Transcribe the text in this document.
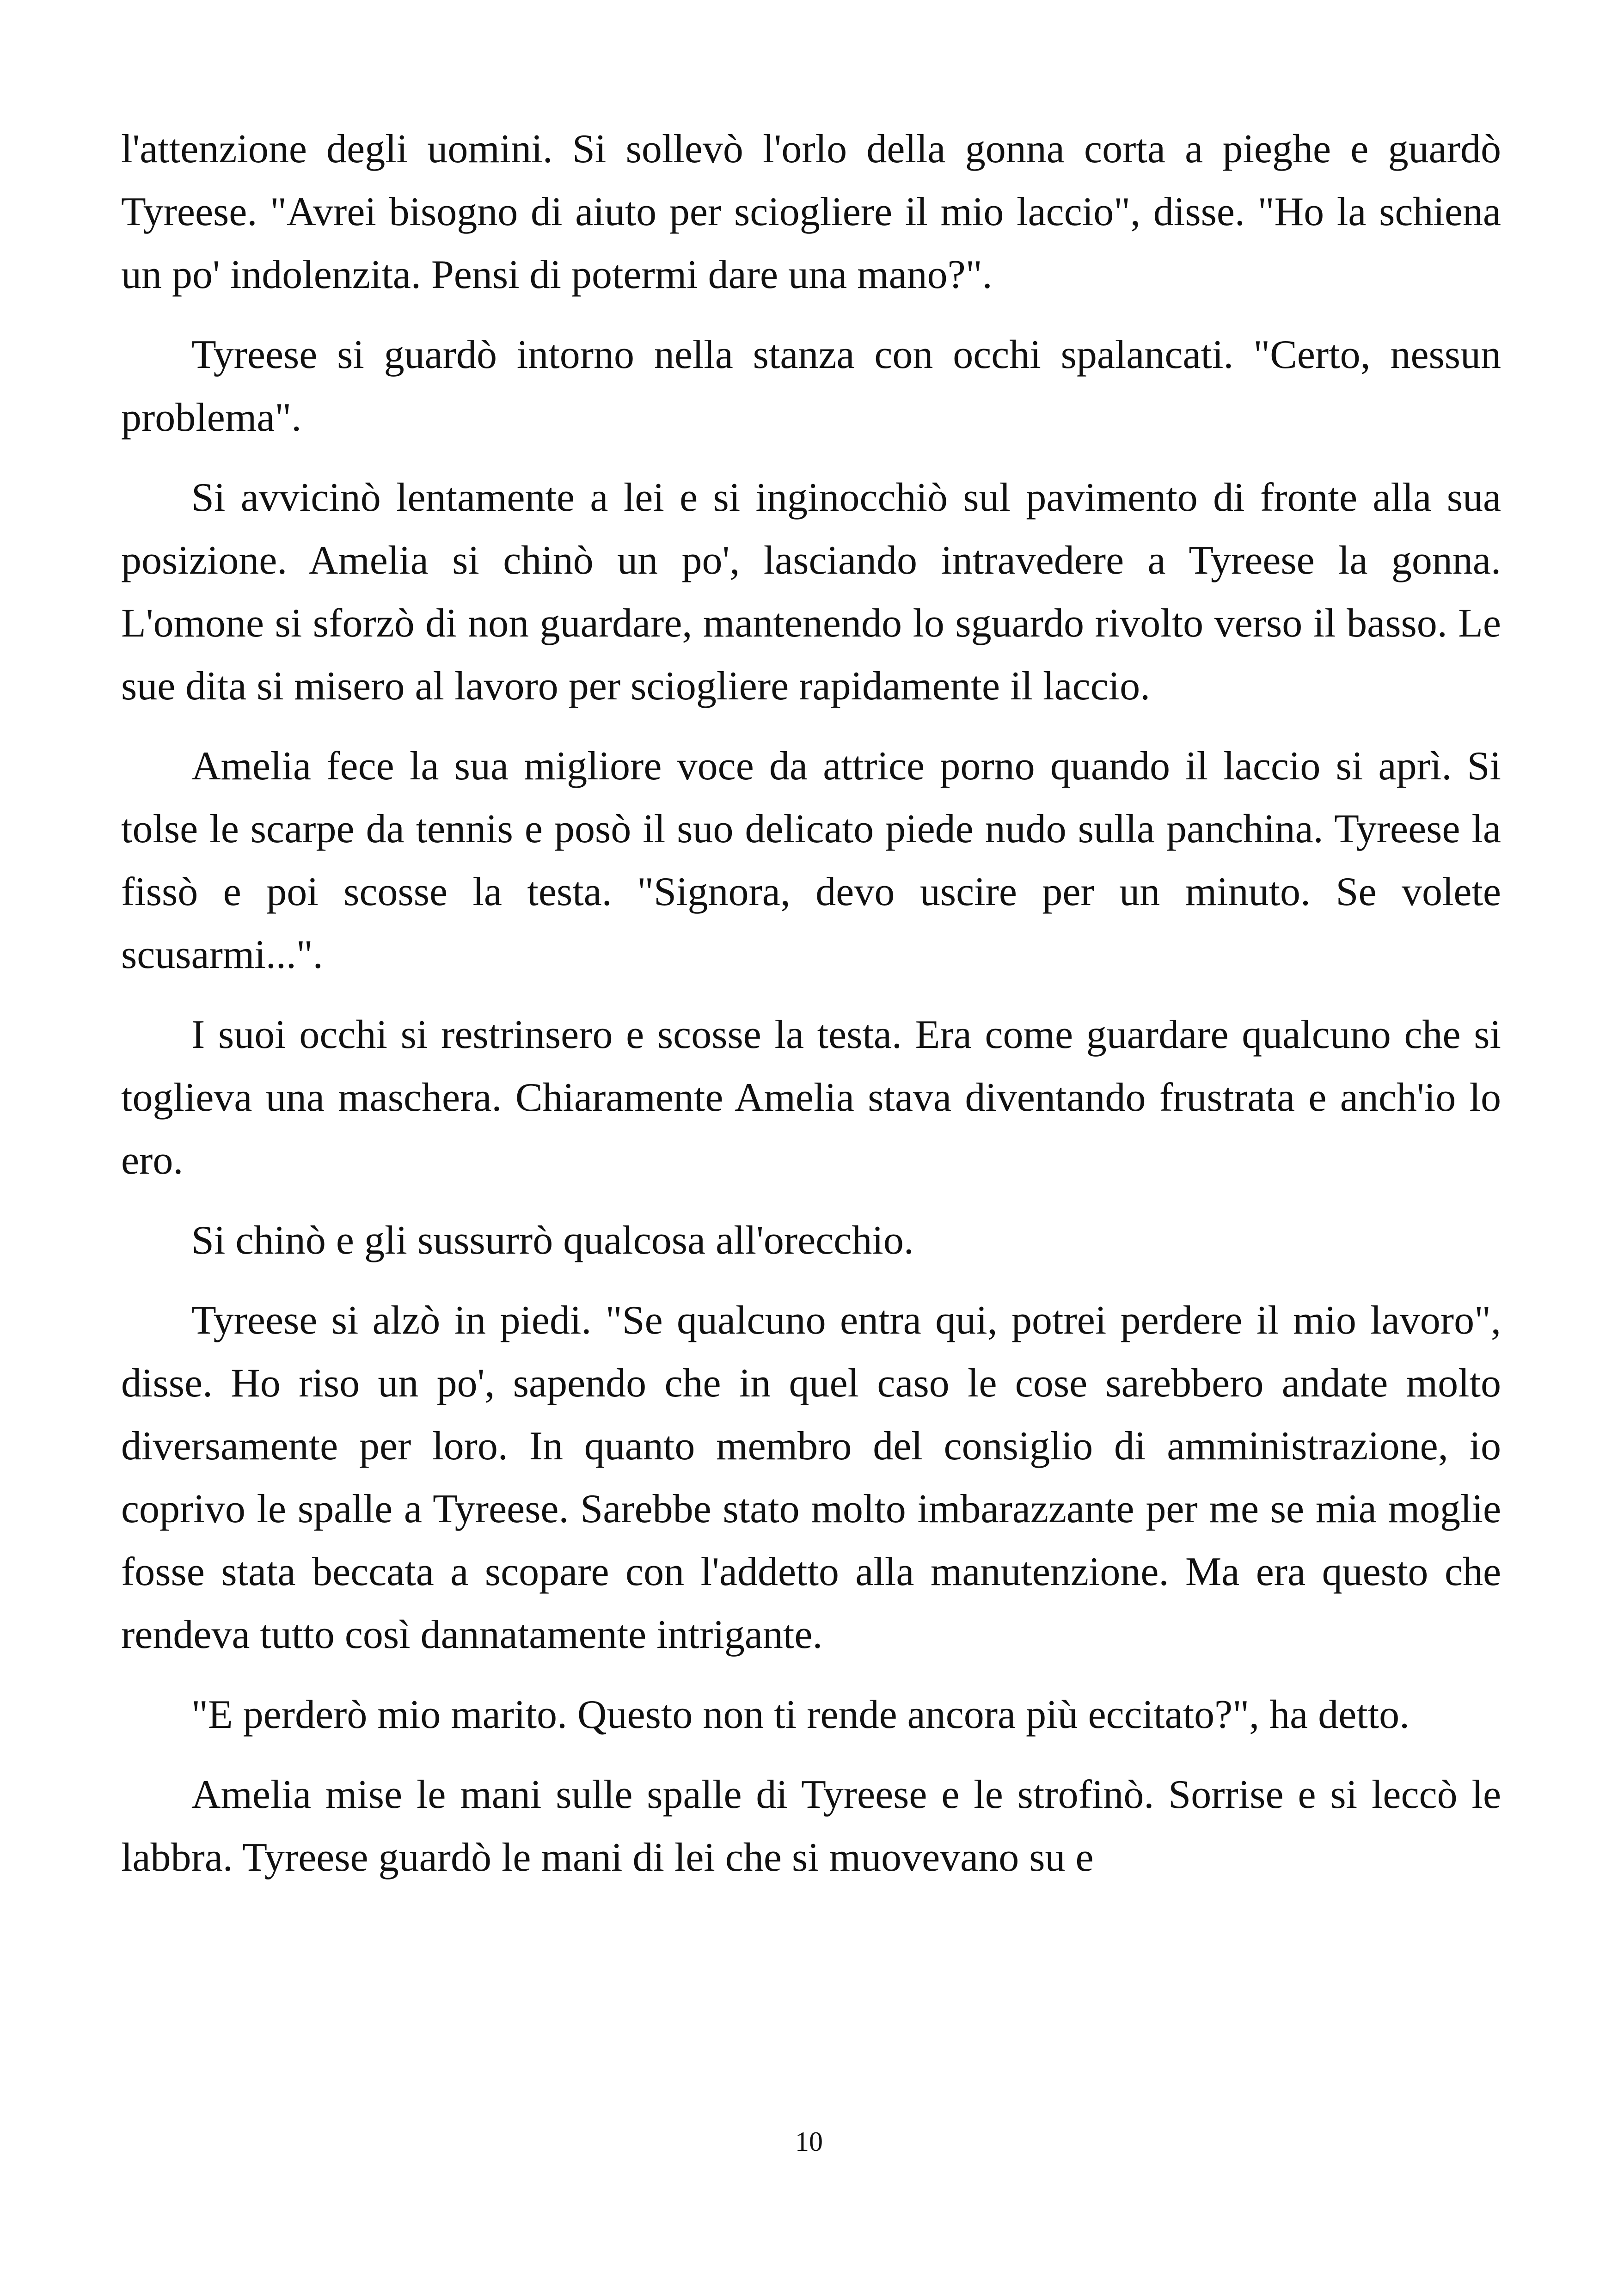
l'attenzione degli uomini. Si sollevò l'orlo della gonna corta a pieghe e guardò Tyreese. "Avrei bisogno di aiuto per sciogliere il mio laccio", disse. "Ho la schiena un po' indolenzita. Pensi di potermi dare una mano?".

Tyreese si guardò intorno nella stanza con occhi spalancati. "Certo, nessun problema".

Si avvicinò lentamente a lei e si inginocchiò sul pavimento di fronte alla sua posizione. Amelia si chinò un po', lasciando intravedere a Tyreese la gonna. L'omone si sforzò di non guardare, mantenendo lo sguardo rivolto verso il basso. Le sue dita si misero al lavoro per sciogliere rapidamente il laccio.

Amelia fece la sua migliore voce da attrice porno quando il laccio si aprì. Si tolse le scarpe da tennis e posò il suo delicato piede nudo sulla panchina. Tyreese la fissò e poi scosse la testa. "Signora, devo uscire per un minuto. Se volete scusarmi...".

I suoi occhi si restrinsero e scosse la testa. Era come guardare qualcuno che si toglieva una maschera. Chiaramente Amelia stava diventando frustrata e anch'io lo ero.

Si chinò e gli sussurrò qualcosa all'orecchio.

Tyreese si alzò in piedi. "Se qualcuno entra qui, potrei perdere il mio lavoro", disse. Ho riso un po', sapendo che in quel caso le cose sarebbero andate molto diversamente per loro. In quanto membro del consiglio di amministrazione, io coprivo le spalle a Tyreese. Sarebbe stato molto imbarazzante per me se mia moglie fosse stata beccata a scopare con l'addetto alla manutenzione. Ma era questo che rendeva tutto così dannatamente intrigante.

"E perderò mio marito. Questo non ti rende ancora più eccitato?", ha detto.

Amelia mise le mani sulle spalle di Tyreese e le strofinò. Sorrise e si leccò le labbra. Tyreese guardò le mani di lei che si muovevano su e

10
